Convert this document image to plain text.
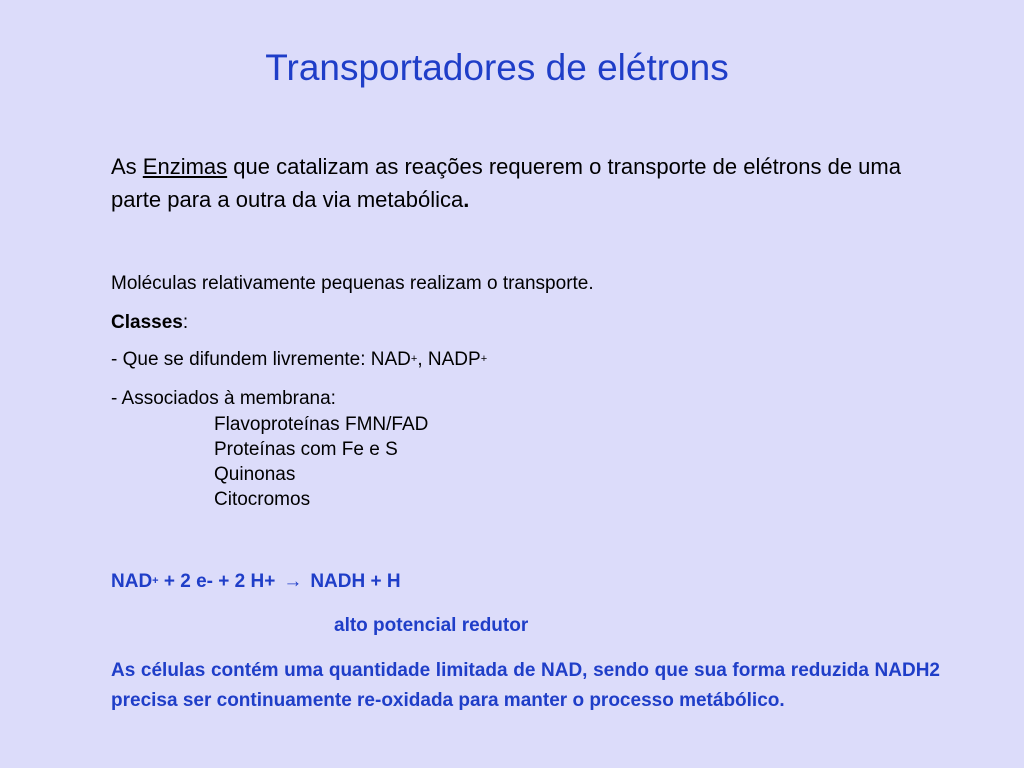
Transportadores de elétrons

As Enzimas que catalizam as reações requerem o transporte de elétrons de uma parte para a outra da via metabólica.

Moléculas relativamente pequenas realizam o transporte.

Classes:

- Que se difundem livremente: NAD+, NADP+

- Associados à membrana:

Flavoproteínas FMN/FAD

Proteínas com Fe e S

Quinonas

Citocromos

NAD+ + 2 e- + 2 H+ → NADH + H

alto potencial redutor

As células contém uma quantidade limitada de NAD, sendo que sua forma reduzida NADH2 precisa ser continuamente re-oxidada para manter o processo metábólico.
